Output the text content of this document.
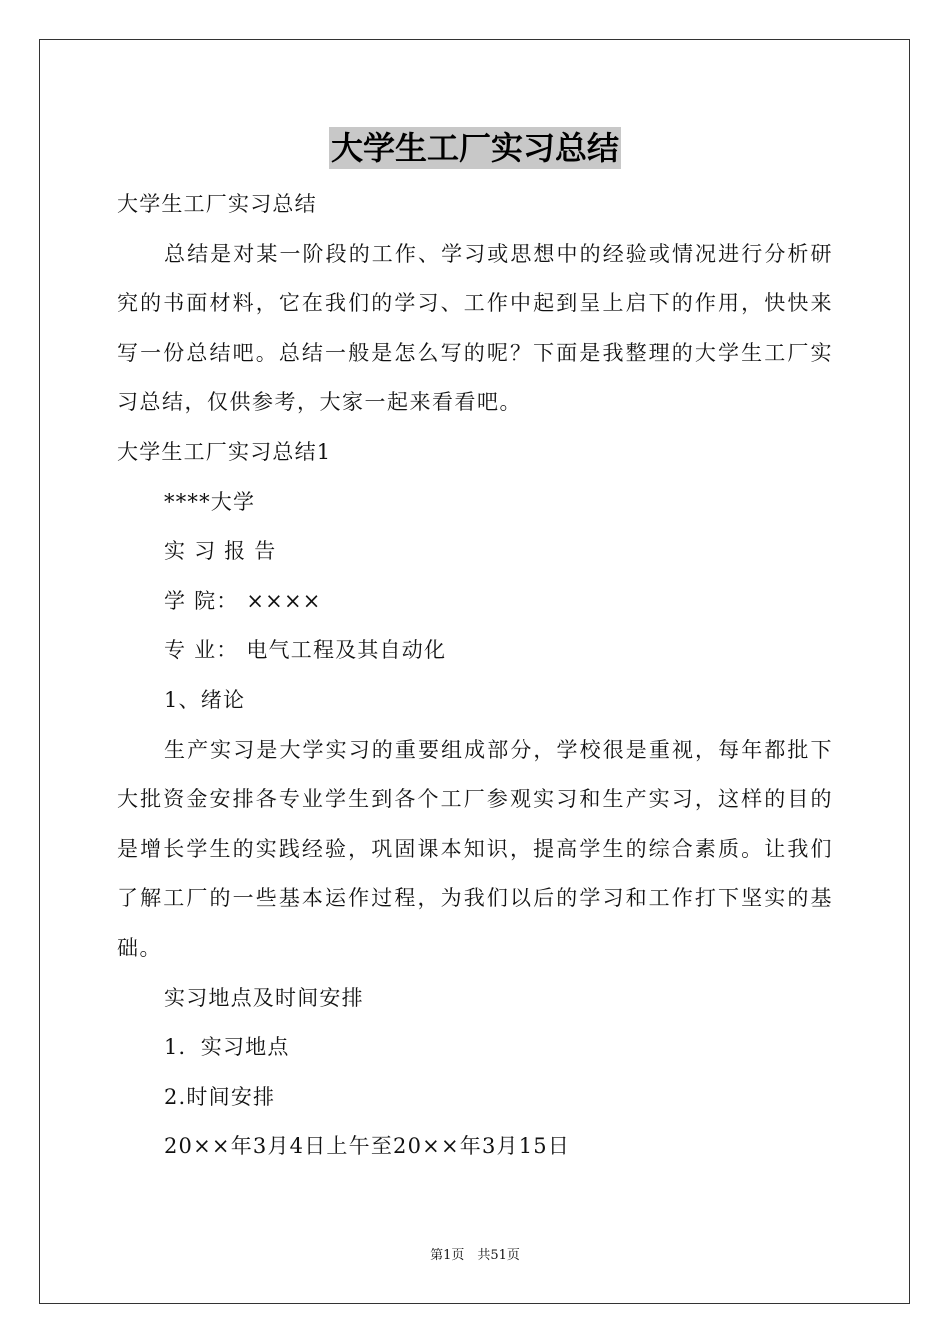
大学生工厂实习总结
大学生工厂实习总结
总结是对某一阶段的工作、学习或思想中的经验或情况进行分析研究的书面材料，它在我们的学习、工作中起到呈上启下的作用，快快来写一份总结吧。总结一般是怎么写的呢？下面是我整理的大学生工厂实习总结，仅供参考，大家一起来看看吧。
大学生工厂实习总结1
****大学
实 习 报 告
学 院： ××××
专 业： 电气工程及其自动化
1、绪论
生产实习是大学实习的重要组成部分，学校很是重视，每年都批下大批资金安排各专业学生到各个工厂参观实习和生产实习，这样的目的是增长学生的实践经验，巩固课本知识，提高学生的综合素质。让我们了解工厂的一些基本运作过程，为我们以后的学习和工作打下坚实的基础。
实习地点及时间安排
1．实习地点
2.时间安排
20××年3月4日上午至20××年3月15日
第1页　共51页
